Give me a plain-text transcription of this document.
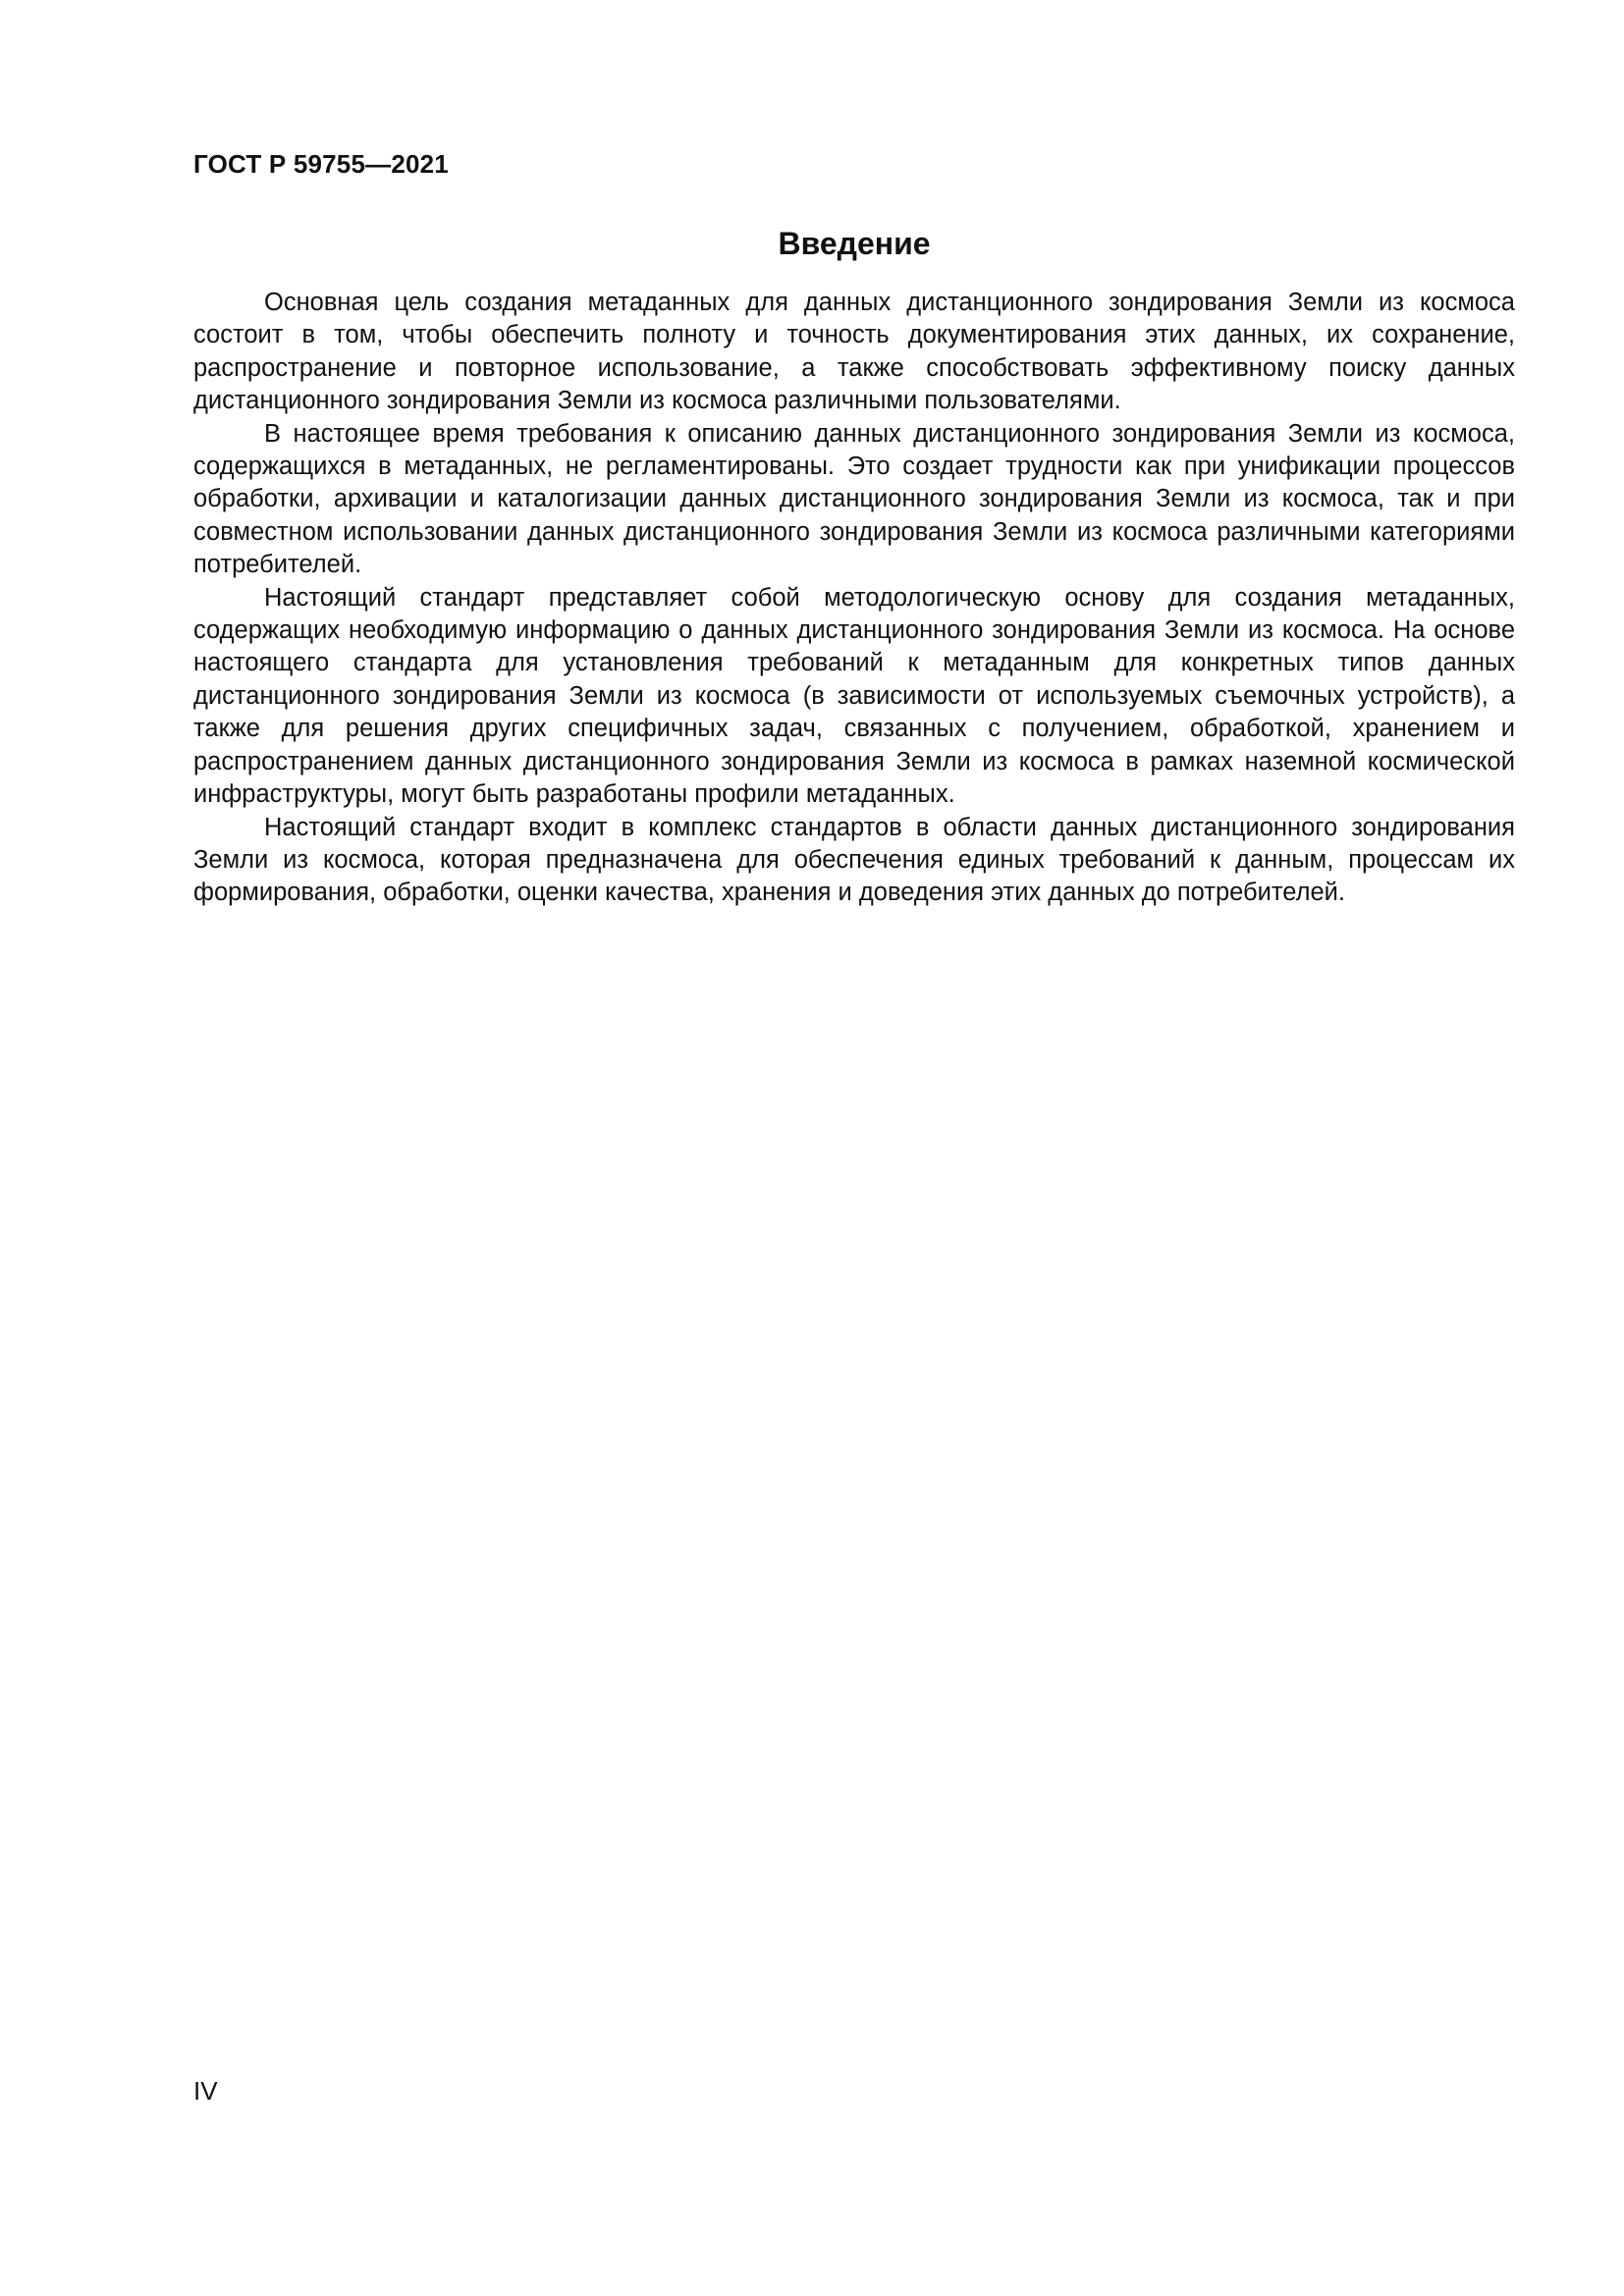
ГОСТ Р 59755—2021
Введение

Основная цель создания метаданных для данных дистанционного зондирования Земли из космоса состоит в том, чтобы обеспечить полноту и точность документирования этих данных, их сохранение, распространение и повторное использование, а также способствовать эффективному поиску данных дистанционного зондирования Земли из космоса различными пользователями.

В настоящее время требования к описанию данных дистанционного зондирования Земли из космоса, содержащихся в метаданных, не регламентированы. Это создает трудности как при унификации процессов обработки, архивации и каталогизации данных дистанционного зондирования Земли из космоса, так и при совместном использовании данных дистанционного зондирования Земли из космоса различными категориями потребителей.

Настоящий стандарт представляет собой методологическую основу для создания метаданных, содержащих необходимую информацию о данных дистанционного зондирования Земли из космоса. На основе настоящего стандарта для установления требований к метаданным для конкретных типов данных дистанционного зондирования Земли из космоса (в зависимости от используемых съемочных устройств), а также для решения других специфичных задач, связанных с получением, обработкой, хранением и распространением данных дистанционного зондирования Земли из космоса в рамках наземной космической инфраструктуры, могут быть разработаны профили метаданных.

Настоящий стандарт входит в комплекс стандартов в области данных дистанционного зондирования Земли из космоса, которая предназначена для обеспечения единых требований к данным, процессам их формирования, обработки, оценки качества, хранения и доведения этих данных до потребителей.

IV
